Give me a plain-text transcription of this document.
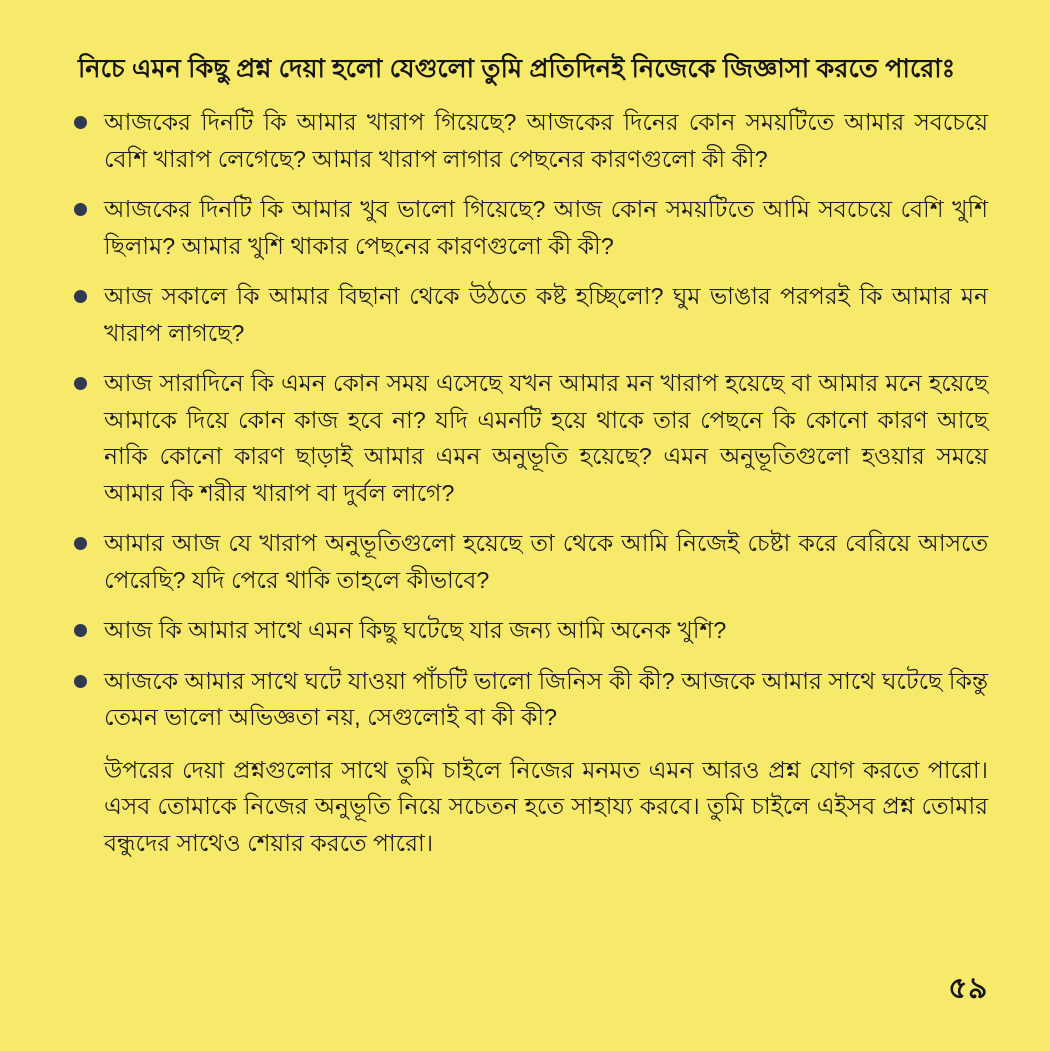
নিচে এমন কিছু প্রশ্ন দেয়া হলো যেগুলো তুমি প্রতিদিনই নিজেকে জিজ্ঞাসা করতে পারোঃ
আজকের দিনটি কি আমার খারাপ গিয়েছে? আজকের দিনের কোন সময়টিতে আমার সবচেয়ে বেশি খারাপ লেগেছে? আমার খারাপ লাগার পেছনের কারণগুলো কী কী?
আজকের দিনটি কি আমার খুব ভালো গিয়েছে? আজ কোন সময়টিতে আমি সবচেয়ে বেশি খুশি ছিলাম? আমার খুশি থাকার পেছনের কারণগুলো কী কী?
আজ সকালে কি আমার বিছানা থেকে উঠতে কষ্ট হচ্ছিলো? ঘুম ভাঙার পরপরই কি আমার মন খারাপ লাগছে?
আজ সারাদিনে কি এমন কোন সময় এসেছে যখন আমার মন খারাপ হয়েছে বা আমার মনে হয়েছে আমাকে দিয়ে কোন কাজ হবে না? যদি এমনটি হয়ে থাকে তার পেছনে কি কোনো কারণ আছে নাকি কোনো কারণ ছাড়াই আমার এমন অনুভূতি হয়েছে? এমন অনুভূতিগুলো হওয়ার সময়ে আমার কি শরীর খারাপ বা দুর্বল লাগে?
আমার আজ যে খারাপ অনুভূতিগুলো হয়েছে তা থেকে আমি নিজেই চেষ্টা করে বেরিয়ে আসতে পেরেছি? যদি পেরে থাকি তাহলে কীভাবে?
আজ কি আমার সাথে এমন কিছু ঘটেছে যার জন্য আমি অনেক খুশি?
আজকে আমার সাথে ঘটে যাওয়া পাঁচটি ভালো জিনিস কী কী? আজকে আমার সাথে ঘটেছে কিন্তু তেমন ভালো অভিজ্ঞতা নয়, সেগুলোই বা কী কী?

উপরের দেয়া প্রশ্নগুলোর সাথে তুমি চাইলে নিজের মনমত এমন আরও প্রশ্ন যোগ করতে পারো। এসব তোমাকে নিজের অনুভূতি নিয়ে সচেতন হতে সাহায্য করবে। তুমি চাইলে এইসব প্রশ্ন তোমার বন্ধুদের সাথেও শেয়ার করতে পারো।

৫৯
